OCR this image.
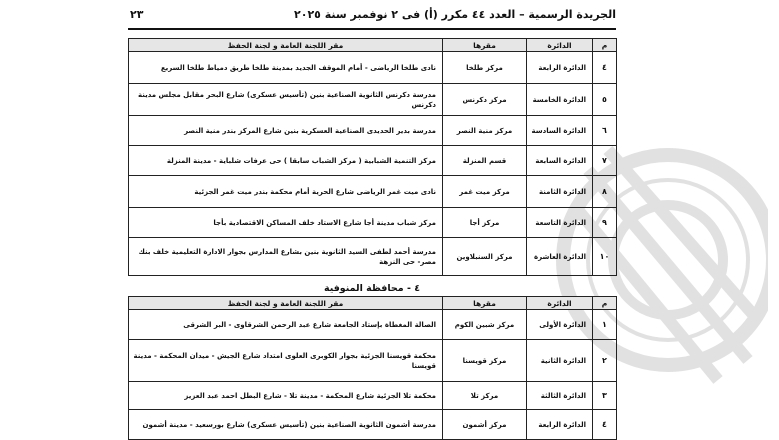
الجريدة الرسمية – العدد ٤٤ مكرر (أ) فى ٢ نوفمبر سنة ٢٠٢٥
٢٣
م	الدائرة	مقرها	مقر اللجنة العامة و لجنة الحفظ
٤	الدائرة الرابعة	مركز طلخا	نادى طلخا الرياضى - أمام الموقف الجديد بمدينة طلخا طريق دمياط طلخا السريع
٥	الدائرة الخامسة	مركز دكرنس	مدرسة دكرنس الثانوية الصناعية بنين (تأسيس عسكرى) شارع البحر مقابل مجلس مدينة دكرنس
٦	الدائرة السادسة	مركز منية النصر	مدرسة بدير الحديدى الصناعية العسكرية بنين شارع المركز بندر منية النصر
٧	الدائرة السابعة	قسم المنزلة	مركز التنمية الشبابية ( مركز الشباب سابقا ) حى عرفات شلباية - مدينة المنزلة
٨	الدائرة الثامنة	مركز ميت غمر	نادى ميت غمر الرياضى شارع الحرية أمام محكمة بندر ميت غمر الجزئية
٩	الدائرة التاسعة	مركز أجا	مركز شباب مدينة أجا شارع الاستاد خلف المساكن الاقتصادية بأجا
١٠	الدائرة العاشرة	مركز السنبلاوين	مدرسة أحمد لطفى السيد الثانوية بنين بشارع المدارس بجوار الادارة التعليمية خلف بنك مصر- حى النزهة
٤ - محافظة المنوفية
م	الدائرة	مقرها	مقر اللجنة العامة و لجنة الحفظ
١	الدائرة الأولى	مركز شبين الكوم	الصالة المغطاة بإستاد الجامعة شارع عبد الرحمن الشرقاوى - البر الشرقى
٢	الدائرة الثانية	مركز قويسنا	محكمة قويسنا الجزئية بجوار الكوبرى العلوى امتداد شارع الجيش - ميدان المحكمة - مدينة قويسنا
٣	الدائرة الثالثة	مركز تلا	محكمة تلا الجزئية شارع المحكمة - مدينة تلا - شارع البطل احمد عبد العزيز
٤	الدائرة الرابعة	مركز أشمون	مدرسة أشمون الثانوية الصناعية بنين (تأسيس عسكرى) شارع بورسعيد - مدينة أشمون
